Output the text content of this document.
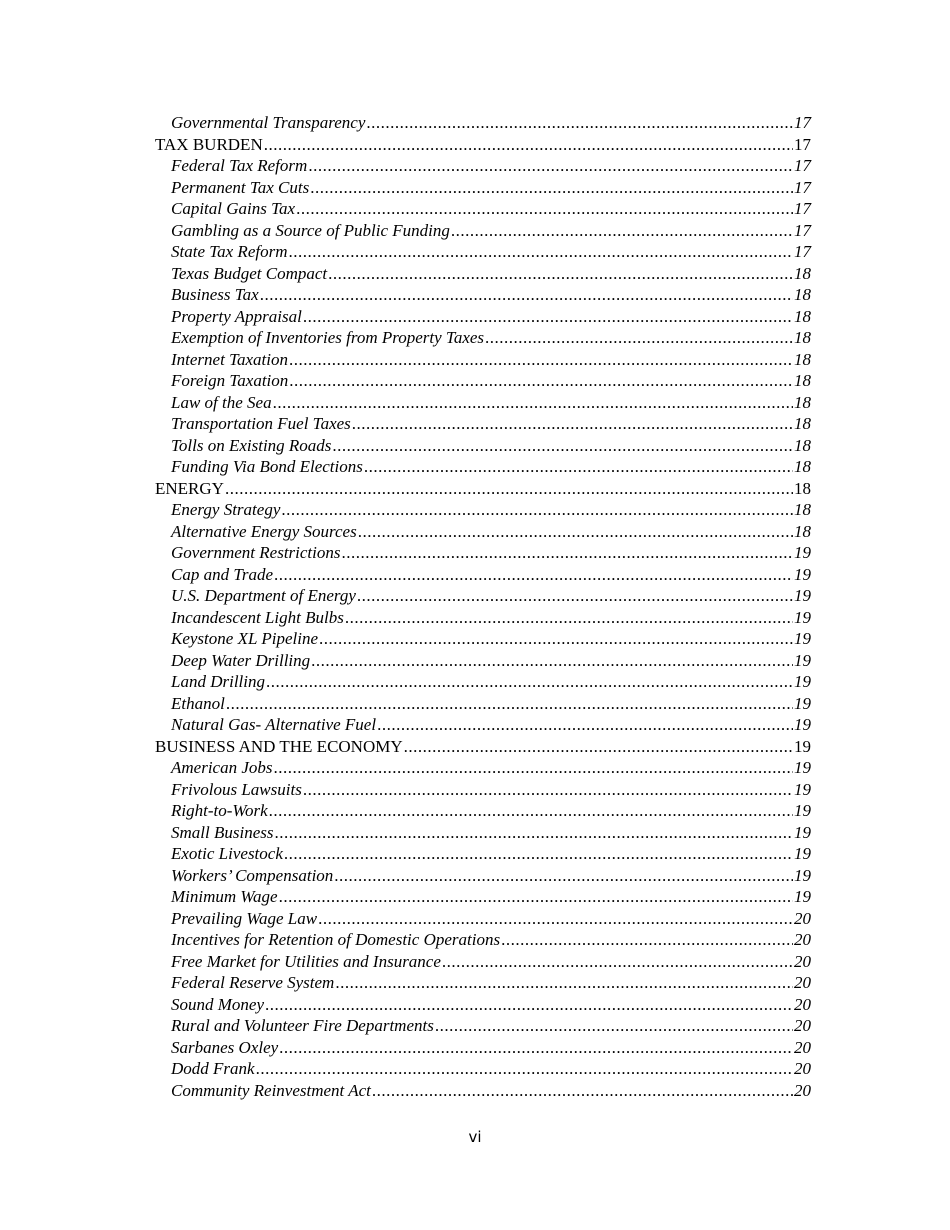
Governmental Transparency .....	17
TAX BURDEN .....	17
Federal Tax Reform .....	17
Permanent Tax Cuts .....	17
Capital Gains Tax .....	17
Gambling as a Source of Public Funding .....	17
State Tax Reform .....	17
Texas Budget Compact .....	18
Business Tax .....	18
Property Appraisal .....	18
Exemption of Inventories from Property Taxes .....	18
Internet Taxation .....	18
Foreign Taxation .....	18
Law of the Sea .....	18
Transportation Fuel Taxes .....	18
Tolls on Existing Roads .....	18
Funding Via Bond Elections .....	18
ENERGY .....	18
Energy Strategy .....	18
Alternative Energy Sources .....	18
Government Restrictions .....	19
Cap and Trade .....	19
U.S. Department of Energy .....	19
Incandescent Light Bulbs .....	19
Keystone XL Pipeline .....	19
Deep Water Drilling .....	19
Land Drilling .....	19
Ethanol .....	19
Natural Gas- Alternative Fuel .....	19
BUSINESS AND THE ECONOMY .....	19
American Jobs .....	19
Frivolous Lawsuits .....	19
Right-to-Work .....	19
Small Business .....	19
Exotic Livestock .....	19
Workers’ Compensation .....	19
Minimum Wage .....	19
Prevailing Wage Law .....	20
Incentives for Retention of Domestic Operations .....	20
Free Market for Utilities and Insurance .....	20
Federal Reserve System .....	20
Sound Money .....	20
Rural and Volunteer Fire Departments .....	20
Sarbanes Oxley .....	20
Dodd Frank .....	20
Community Reinvestment Act .....	20
vi
